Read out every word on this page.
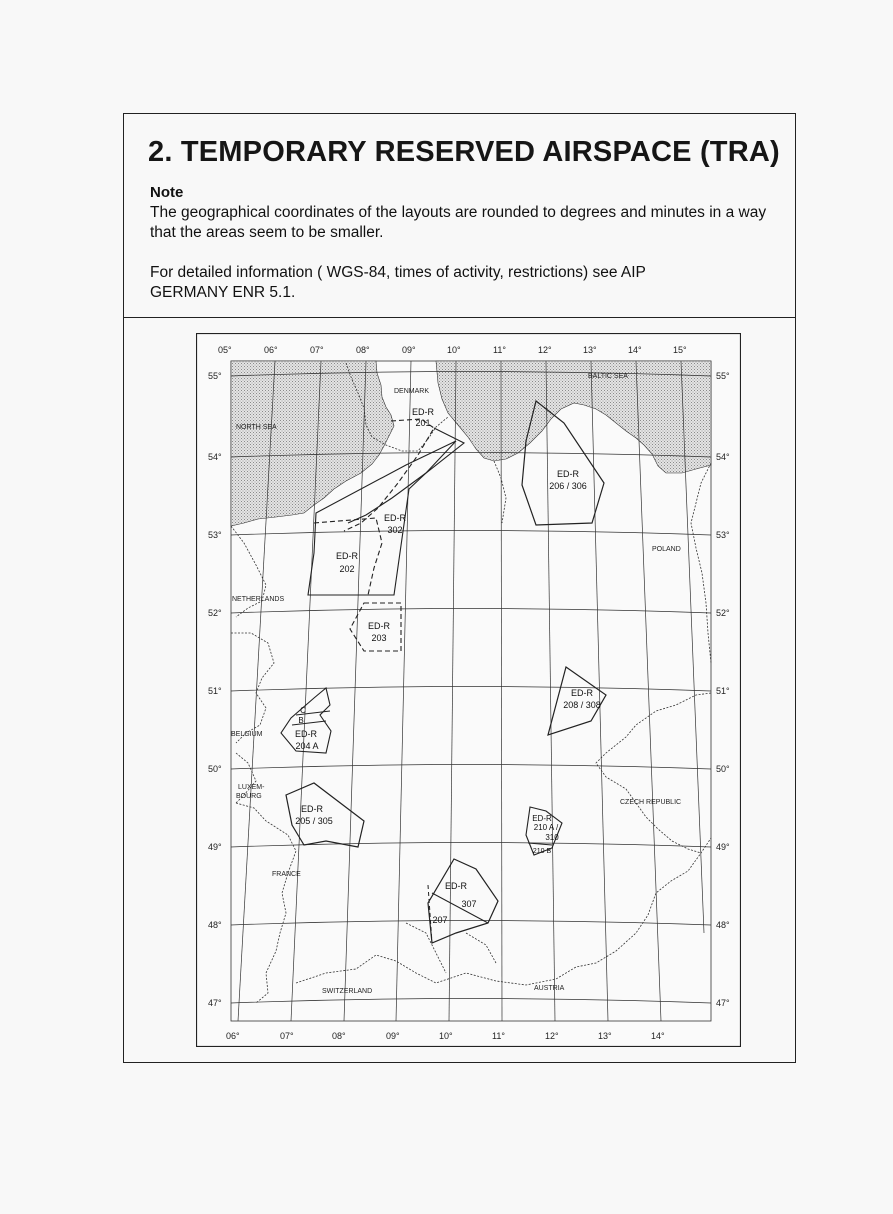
2. TEMPORARY RESERVED AIRSPACE (TRA)
Note
The geographical coordinates of the layouts are rounded to degrees and minutes in a way that the areas seem to be smaller.
For detailed information ( WGS-84, times of activity, restrictions) see AIP GERMANY ENR 5.1.
05°	06°	07°	08°	09°	10°	11°	12°	13°	14°	15°
06°	07°	08°	09°	10°	11°	12°	13°	14°
55°
54°
53°
52°
51°
50°
49°
48°
47°
55°
54°
53°
52°
51°
50°
49°
48°
47°
NORTH SEA
DENMARK
BALTIC SEA
POLAND
NETHERLANDS
BELGIUM
LUXEM-
BOURG
FRANCE
SWITZERLAND	AUSTRIA
CZECH REPUBLIC
ED-R
201
ED-R
206 / 306
ED-R
302
ED-R
202
ED-R
203
ED-R
208 / 308
C
B
ED-R
204 A
ED-R
205 / 305	ED-R
210 A /
310
210 B
ED-R
307
207
